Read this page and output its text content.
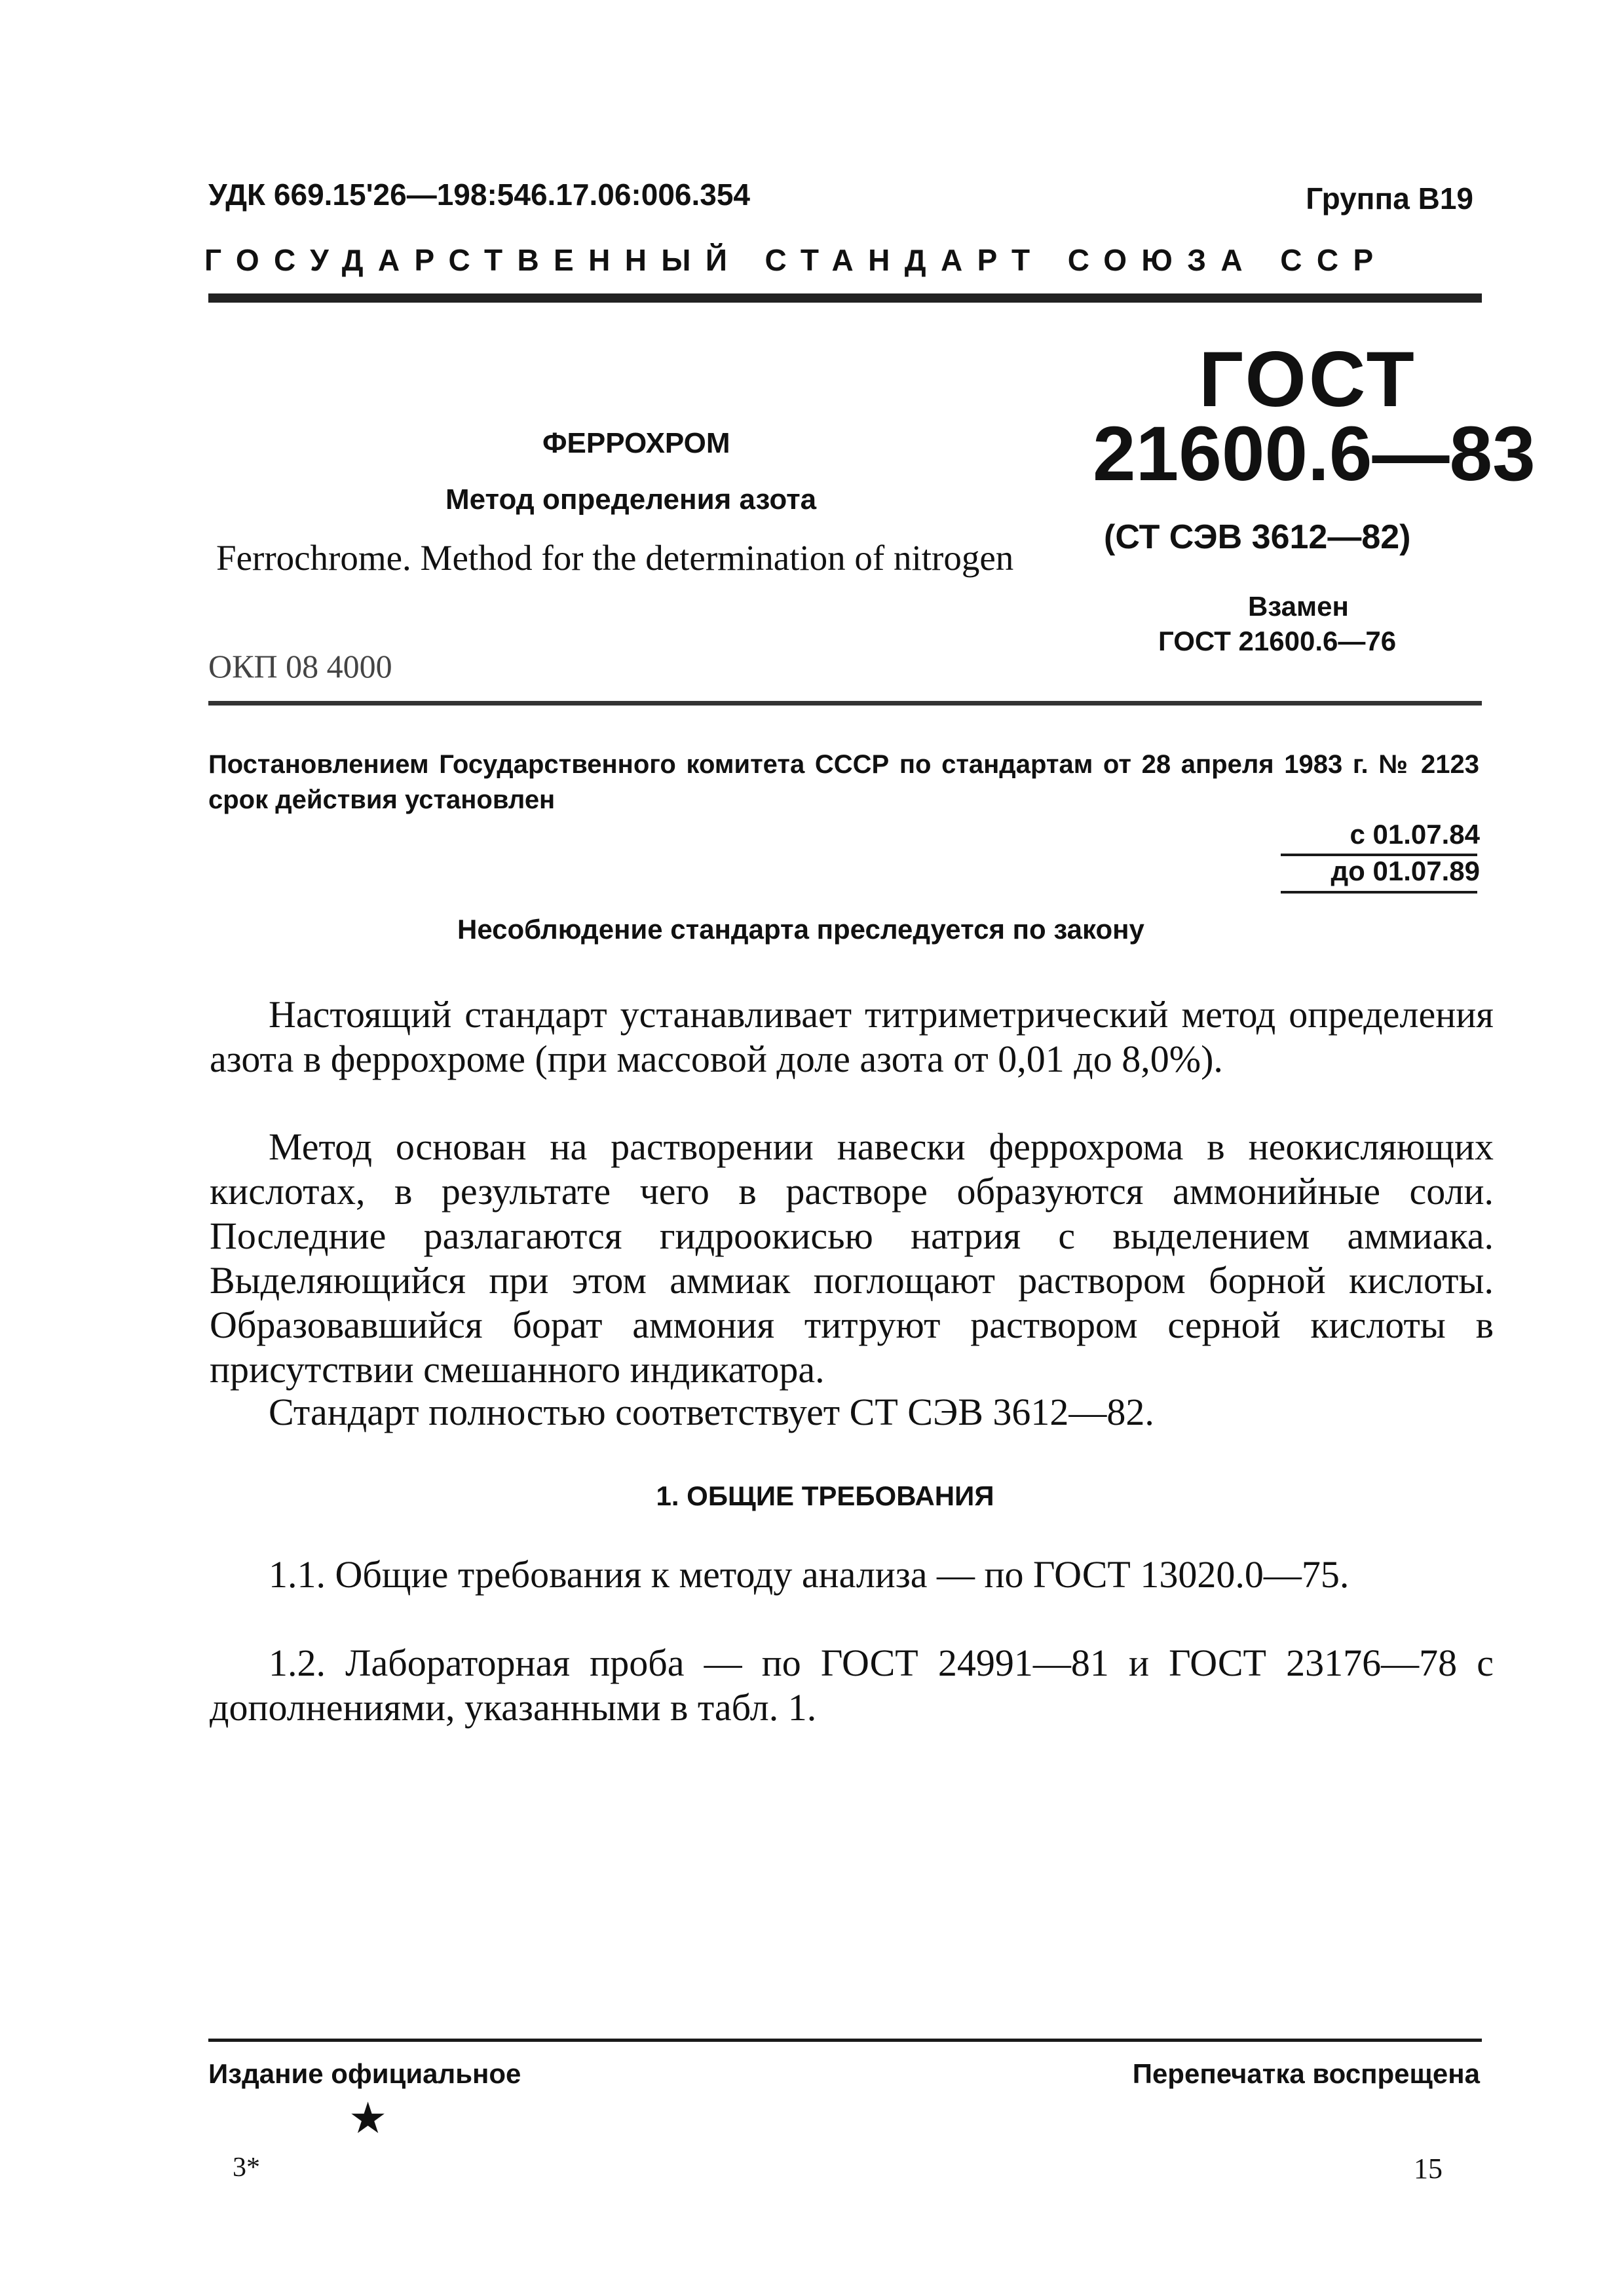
УДК 669.15'26—198:546.17.06:006.354	Группа В19
ГОСУДАРСТВЕННЫЙ СТАНДАРТ СОЮЗА ССР
ГОСТ
21600.6—83
ФЕРРОХРОМ
Метод определения азота
(СТ СЭВ 3612—82)
Ferrochrome. Method for the determination of nitrogen
Взамен
ГОСТ 21600.6—76
ОКП 08 4000
Постановлением Государственного комитета СССР по стандартам от 28 апреля 1983 г. № 2123 срок действия установлен
с 01.07.84
до 01.07.89
Несоблюдение стандарта преследуется по закону
Настоящий стандарт устанавливает титриметрический метод определения азота в феррохроме (при массовой доле азота от 0,01 до 8,0%).
Метод основан на растворении навески феррохрома в неокисляющих кислотах, в результате чего в растворе образуются аммонийные соли. Последние разлагаются гидроокисью натрия с выделением аммиака. Выделяющийся при этом аммиак поглощают раствором борной кислоты. Образовавшийся борат аммония титруют раствором серной кислоты в присутствии смешанного индикатора.
Стандарт полностью соответствует СТ СЭВ 3612—82.
1. ОБЩИЕ ТРЕБОВАНИЯ
1.1. Общие требования к методу анализа — по ГОСТ 13020.0—75.
1.2. Лабораторная проба — по ГОСТ 24991—81 и ГОСТ 23176—78 с дополнениями, указанными в табл. 1.
Издание официальное	Перепечатка воспрещена
★
3*	15
